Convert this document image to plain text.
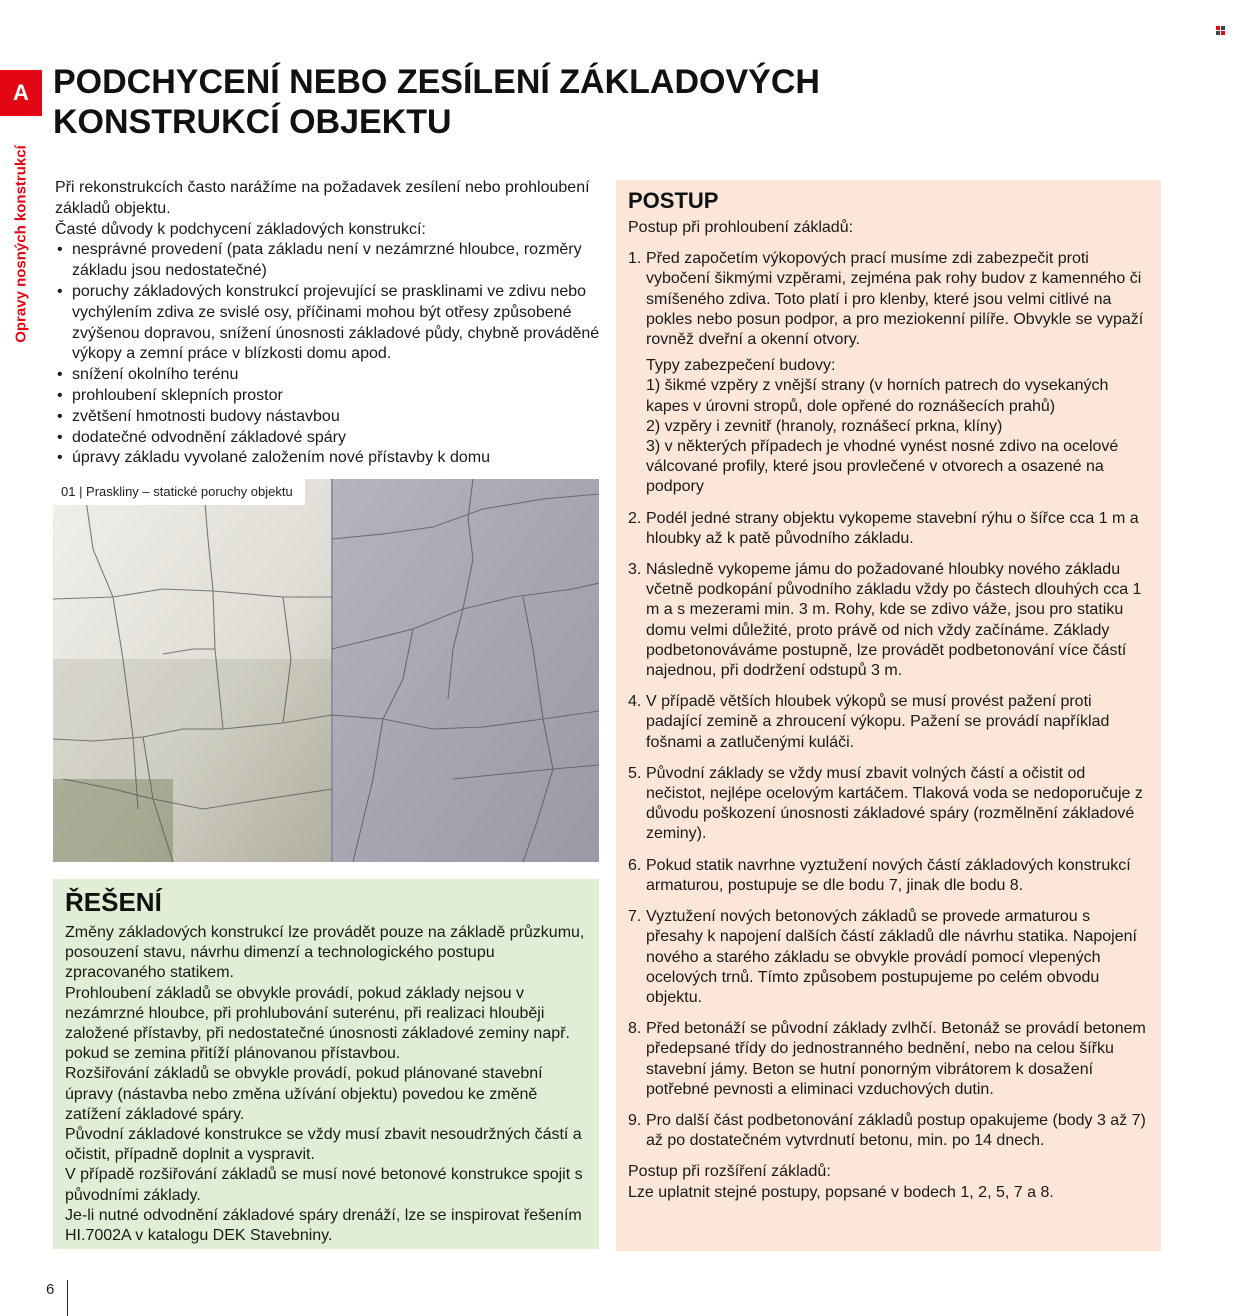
A
Opravy nosných konstrukcí
PODCHYCENÍ NEBO ZESÍLENÍ ZÁKLADOVÝCH KONSTRUKCÍ OBJEKTU

Při rekonstrukcích často narážíme na požadavek zesílení nebo prohloubení základů objektu.

Časté důvody k podchycení základových konstrukcí:

• nesprávné provedení (pata základu není v nezámrzné hloubce, rozměry základu jsou nedostatečné)
• poruchy základových konstrukcí projevující se prasklinami ve zdivu nebo vychýlením zdiva ze svislé osy, příčinami mohou být otřesy způsobené zvýšenou dopravou, snížení únosnosti základové půdy, chybně prováděné výkopy a zemní práce v blízkosti domu apod.
• snížení okolního terénu
• prohloubení sklepních prostor
• zvětšení hmotnosti budovy nástavbou
• dodatečné odvodnění základové spáry
• úpravy základu vyvolané založením nové přístavby k domu
01 | Praskliny – statické poruchy objektu
ŘEŠENÍ

Změny základových konstrukcí lze provádět pouze na základě průzkumu, posouzení stavu, návrhu dimenzí a technologického postupu zpracovaného statikem.

Prohloubení základů se obvykle provádí, pokud základy nejsou v nezámrzné hloubce, při prohlubování suterénu, při realizaci hlouběji založené přístavby, při nedostatečné únosnosti základové zeminy např. pokud se zemina přitíží plánovanou přístavbou.

Rozšiřování základů se obvykle provádí, pokud plánované stavební úpravy (nástavba nebo změna užívání objektu) povedou ke změně zatížení základové spáry.

Původní základové konstrukce se vždy musí zbavit nesoudržných částí a očistit, případně doplnit a vyspravit.

V případě rozšiřování základů se musí nové betonové konstrukce spojit s původními základy.

Je-li nutné odvodnění základové spáry drenáží, lze se inspirovat řešením HI.7002A v katalogu DEK Stavebniny.

POSTUP

Postup při prohloubení základů:

1. Před započetím výkopových prací musíme zdi zabezpečit proti vybočení šikmými vzpěrami, zejména pak rohy budov z kamenného či smíšeného zdiva. Toto platí i pro klenby, které jsou velmi citlivé na pokles nebo posun podpor, a pro meziokenní pilíře. Obvykle se vypaží rovněž dveřní a okenní otvory.
Typy zabezpečení budovy:
1) šikmé vzpěry z vnější strany (v horních patrech do vysekaných kapes v úrovni stropů, dole opřené do roznášecích prahů)
2) vzpěry i zevnitř (hranoly, roznášecí prkna, klíny)
3) v některých případech je vhodné vynést nosné zdivo na ocelové válcované profily, které jsou provlečené v otvorech a osazené na podpory
2. Podél jedné strany objektu vykopeme stavební rýhu o šířce cca 1 m a hloubky až k patě původního základu.
3. Následně vykopeme jámu do požadované hloubky nového základu včetně podkopání původního základu vždy po částech dlouhých cca 1 m a s mezerami min. 3 m. Rohy, kde se zdivo váže, jsou pro statiku domu velmi důležité, proto právě od nich vždy začínáme. Základy podbetonováváme postupně, lze provádět podbetonování více částí najednou, při dodržení odstupů 3 m.
4. V případě větších hloubek výkopů se musí provést pažení proti padající zemině a zhroucení výkopu. Pažení se provádí například fošnami a zatlučenými kuláči.
5. Původní základy se vždy musí zbavit volných částí a očistit od nečistot, nejlépe ocelovým kartáčem. Tlaková voda se nedoporučuje z důvodu poškození únosnosti základové spáry (rozmělnění základové zeminy).
6. Pokud statik navrhne vyztužení nových částí základových konstrukcí armaturou, postupuje se dle bodu 7, jinak dle bodu 8.
7. Vyztužení nových betonových základů se provede armaturou s přesahy k napojení dalších částí základů dle návrhu statika. Napojení nového a starého základu se obvykle provádí pomocí vlepených ocelových trnů. Tímto způsobem postupujeme po celém obvodu objektu.
8. Před betonáží se původní základy zvlhčí. Betonáž se provádí betonem předepsané třídy do jednostranného bednění, nebo na celou šířku stavební jámy. Beton se hutní ponorným vibrátorem k dosažení potřebné pevnosti a eliminaci vzduchových dutin.
9. Pro další část podbetonování základů postup opakujeme (body 3 až 7) až po dostatečném vytvrdnutí betonu, min. po 14 dnech.

Postup při rozšíření základů:

Lze uplatnit stejné postupy, popsané v bodech 1, 2, 5, 7 a 8.

6
